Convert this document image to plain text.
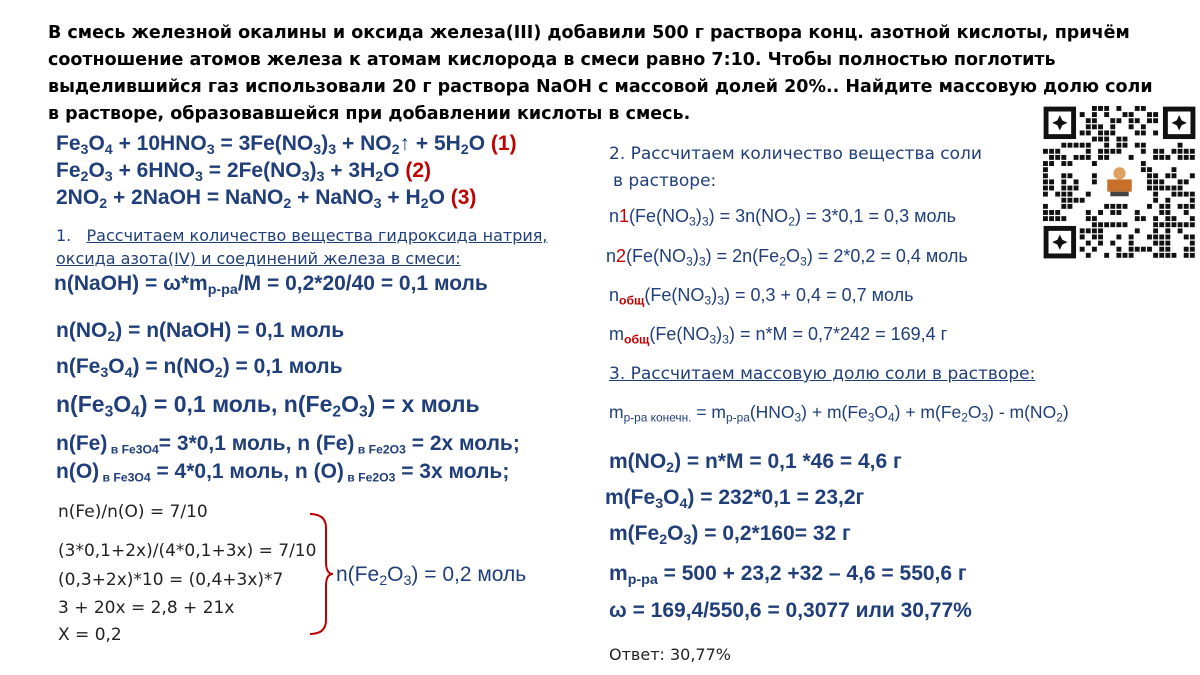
В смесь железной окалины и оксида железа(III) добавили 500 г раствора конц. азотной кислоты, причём соотношение атомов железа к атомам кислорода в смеси равно 7:10. Чтобы полностью поглотить выделившийся газ использовали 20 г раствора NaOH с массовой долей 20%.. Найдите массовую долю соли в растворе, образовавшейся при добавлении кислоты в смесь.

$Fe_3O_4 + 10HNO_3 = 3Fe(NO_3)_3$ + $NO_2↑ + 5H_2O$ (1)
$Fe_2O_3 + 6HNO_3 = 2Fe(NO_3)_3 + 3H_2O$ (2)
$2NO_2$ + 2NaOH = NaNO$_2$ + NaNO$_3$ + $H_2O$ (3)
1. Рассчитаем количество вещества гидроксида натрия,
оксида азота(IV) и соединений железа в смеси:
n(NaOH) = $\omega*m_{р-ра}/M = 0,2*20/40 = 0,1$ моль
$n(NO_2)$ = n(NaOH) = 0,1 моль
$n(Fe_3O_4) = n(NO_2) = 0,1$ моль
$n(Fe_3O_4) = 0,1$ моль, $n(Fe_2O_3) = х$ моль
n(Fe) $_{в Fe3O4}$= 3*0,1 моль, n (Fe) $_{в Fe2O3}$ = 2х моль;
n(O) $_{в Fe3O4}$ = 4*0,1 моль, n (O) $_{в Fe2O3}$ = 3х моль;
n(Fe)/n(O) = 7/10
(3*0,1+2x)/(4*0,1+3x) = 7/10
(0,3+2x)*10 = (0,4+3x)*7
3 + 20x = 2,8 + 21x
X = 0,2
$n(Fe_2O_3) = 0,2$ моль
2. Рассчитаем количество вещества соли
в растворе:
$n1(Fe(NO_3)_3) = 3n(NO_2) = 3*0,1 = 0,3$ моль
$n2(Fe(NO_3)_3) = 2n(Fe_2O_3) = 2*0,2 = 0,4$ моль
$n_{общ}(Fe(NO_3)_3) = 0,3 + 0,4 = 0,7$ моль
$m_{общ}(Fe(NO_3)_3) = n*M = 0,7*242 = 169,4$ г
3. Рассчитаем массовую долю соли в растворе:
$m_{р-ра конечн.} = m_{р-ра}(HNO_3) + m(Fe_3O_4) + m(Fe_2O_3) - m(NO_2)$
$m(NO_2) = n*M = 0,1$ *46 = 4,6 г
$m(Fe_3O_4) = 232*0,1 = 23,2г$
$m(Fe_2O_3) = 0,2*160= 32$ г
$m_{р-ра} = 500 + 23,2 +32 - 4,6 = 550,6$ г
ω = 169,4/550,6 = 0,3077 или 30,77%
Ответ: 30,77%
